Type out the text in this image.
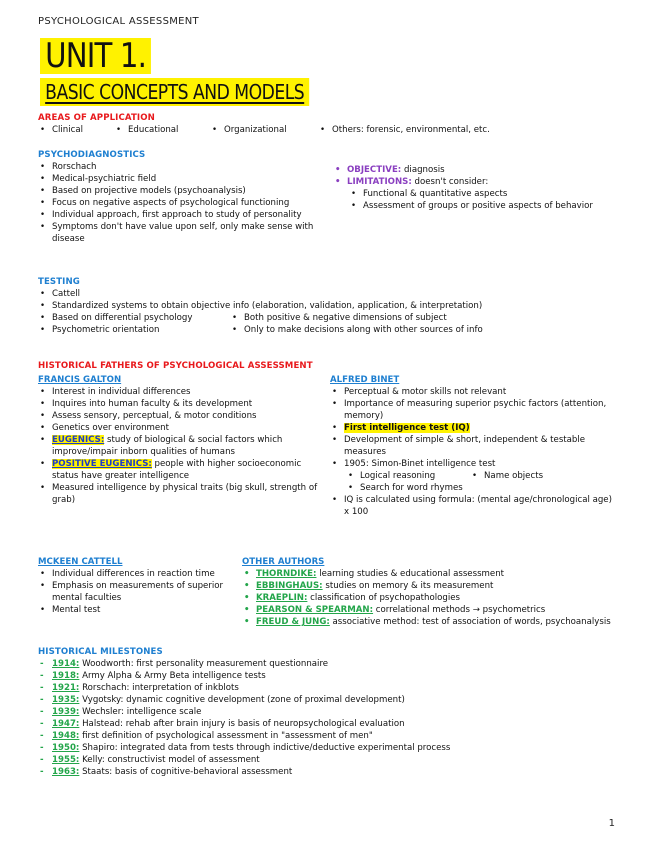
PSYCHOLOGICAL ASSESSMENT
UNIT 1.
BASIC CONCEPTS AND MODELS
AREAS OF APPLICATION
• Clinical	• Educational	• Organizational	• Others: forensic, environmental, etc.
PSYCHODIAGNOSTICS
• Rorschach
• Medical-psychiatric field
• Based on projective models (psychoanalysis)
• Focus on negative aspects of psychological functioning
• Individual approach, first approach to study of personality
• Symptoms don't have value upon self, only make sense with disease
• OBJECTIVE: diagnosis
• LIMITATIONS: doesn't consider:
• Functional & quantitative aspects
• Assessment of groups or positive aspects of behavior
TESTING
• Cattell
• Standardized systems to obtain objective info (elaboration, validation, application, & interpretation)
• Based on differential psychology	• Both positive & negative dimensions of subject
• Psychometric orientation	• Only to make decisions along with other sources of info
HISTORICAL FATHERS OF PSYCHOLOGICAL ASSESSMENT
FRANCIS GALTON
• Interest in individual differences
• Inquires into human faculty & its development
• Assess sensory, perceptual, & motor conditions
• Genetics over environment
• EUGENICS: study of biological & social factors which improve/impair inborn qualities of humans
• POSITIVE EUGENICS: people with higher socioeconomic status have greater intelligence
• Measured intelligence by physical traits (big skull, strength of grab)
ALFRED BINET
• Perceptual & motor skills not relevant
• Importance of measuring superior psychic factors (attention, memory)
• First intelligence test (IQ)
• Development of simple & short, independent & testable measures
• 1905: Simon-Binet intelligence test
• Logical reasoning	• Name objects
• Search for word rhymes
• IQ is calculated using formula: (mental age/chronological age) x 100
MCKEEN CATTELL
• Individual differences in reaction time
• Emphasis on measurements of superior mental faculties
• Mental test
OTHER AUTHORS
• THORNDIKE: learning studies & educational assessment
• EBBINGHAUS: studies on memory & its measurement
• KRAEPLIN: classification of psychopathologies
• PEARSON & SPEARMAN: correlational methods → psychometrics
• FREUD & JUNG: associative method: test of association of words, psychoanalysis
HISTORICAL MILESTONES
- 1914: Woodworth: first personality measurement questionnaire
- 1918: Army Alpha & Army Beta intelligence tests
- 1921: Rorschach: interpretation of inkblots
- 1935: Vygotsky: dynamic cognitive development (zone of proximal development)
- 1939: Wechsler: intelligence scale
- 1947: Halstead: rehab after brain injury is basis of neuropsychological evaluation
- 1948: first definition of psychological assessment in "assessment of men"
- 1950: Shapiro: integrated data from tests through indictive/deductive experimental process
- 1955: Kelly: constructivist model of assessment
- 1963: Staats: basis of cognitive-behavioral assessment
1
